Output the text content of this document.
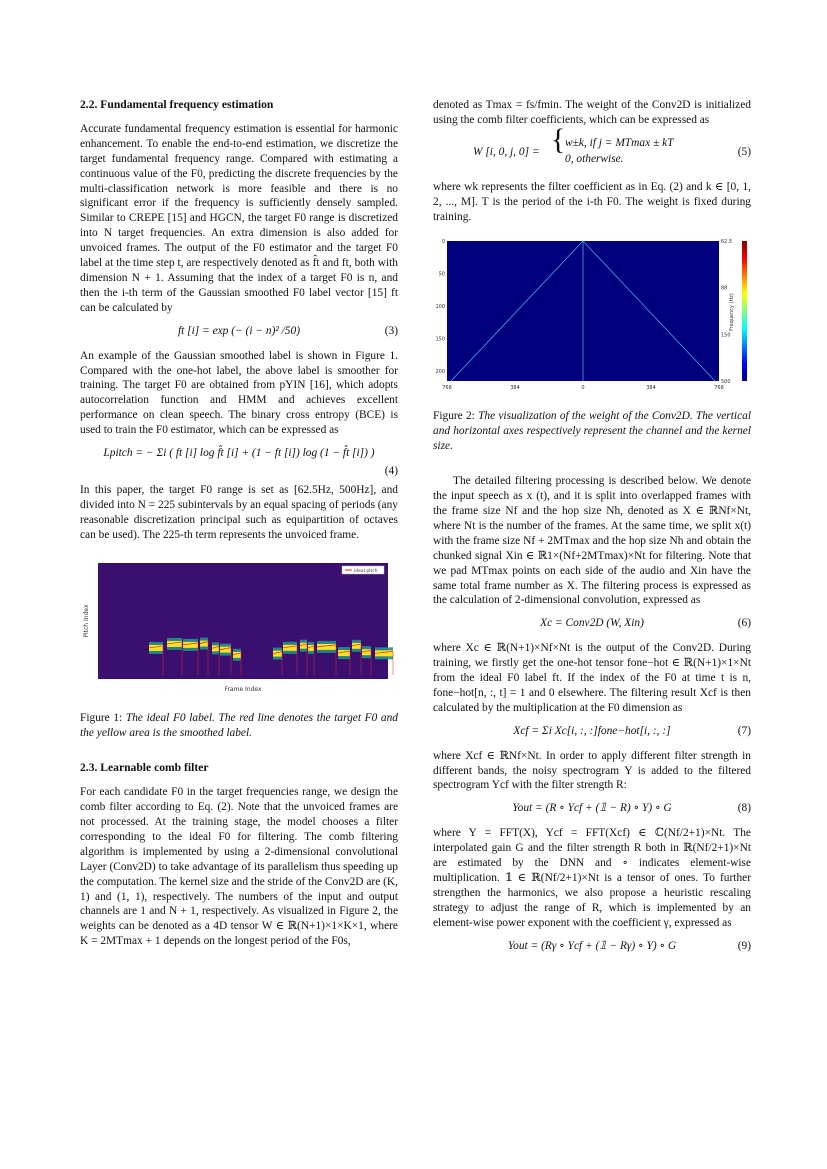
2.2. Fundamental frequency estimation

Accurate fundamental frequency estimation is essential for harmonic enhancement. To enable the end-to-end estimation, we discretize the target fundamental frequency range. Compared with estimating a continuous value of the F0, predicting the discrete frequencies by the multi-classification network is more feasible and there is no significant error if the frequency is sufficiently densely sampled. Similar to CREPE [15] and HGCN, the target F0 range is discretized into N target frequencies. An extra dimension is also added for unvoiced frames. The output of the F0 estimator and the target F0 label at the time step t, are respectively denoted as f̂t and ft, both with dimension N + 1. Assuming that the index of a target F0 is n, and then the i-th term of the Gaussian smoothed F0 label vector [15] ft can be calculated by

ft [i] = exp (− (i − n)² /50)	(3)

An example of the Gaussian smoothed label is shown in Figure 1. Compared with the one-hot label, the above label is smoother for training. The target F0 are obtained from pYIN [16], which adopts autocorrelation function and HMM and achieves excellent performance on clean speech. The binary cross entropy (BCE) is used to train the F0 estimator, which can be expressed as

Lpitch = − Σi ( ft [i] log f̂t [i] + (1 − ft [i]) log (1 − f̂t [i]) )
(4)

In this paper, the target F0 range is set as [62.5Hz, 500Hz], and divided into N = 225 subintervals by an equal spacing of periods (any reasonable discretization principal such as equipartition of octaves can be used). The 225-th term represents the unvoiced frame.

ideal pitch
Frame Index
Pitch Index
Figure 1: The ideal F0 label. The red line denotes the target F0 and the yellow area is the smoothed label.
2.3. Learnable comb filter

For each candidate F0 in the target frequencies range, we design the comb filter according to Eq. (2). Note that the unvoiced frames are not processed. At the training stage, the model chooses a filter corresponding to the ideal F0 for filtering. The comb filtering algorithm is implemented by using a 2-dimensional convolutional Layer (Conv2D) to take advantage of its parallelism thus speeding up the computation. The kernel size and the stride of the Conv2D are (K, 1) and (1, 1), respectively. The numbers of the input and output channels are 1 and N + 1, respectively. As visualized in Figure 2, the weights can be denoted as a 4D tensor W ∈ ℝ(N+1)×1×K×1, where K = 2MTmax + 1 depends on the longest period of the F0s,

denoted as Tmax = fs/fmin. The weight of the Conv2D is initialized using the comb filter coefficients, which can be expressed as

W [i, 0, j, 0] = { w±k, if j = MTmax ± kT
0, otherwise.
(5)

where wk represents the filter coefficient as in Eq. (2) and k ∈ [0, 1, 2, ..., M]. T is the period of the i-th F0. The weight is fixed during training.

768	384	0	384	768
0
50
100
150
200
62.5
88
150
500
Frequency (Hz)
Figure 2: The visualization of the weight of the Conv2D. The vertical and horizontal axes respectively represent the channel and the kernel size.

The detailed filtering processing is described below. We denote the input speech as x (t), and it is split into overlapped frames with the frame size Nf and the hop size Nh, denoted as X ∈ ℝNf×Nt, where Nt is the number of the frames. At the same time, we split x(t) with the frame size Nf + 2MTmax and the hop size Nh and obtain the chunked signal Xin ∈ ℝ1×(Nf+2MTmax)×Nt for filtering. Note that we pad MTmax points on each side of the audio and Xin have the same total frame number as X. The filtering process is expressed as the calculation of 2-dimensional convolution, expressed as

Xc = Conv2D (W, Xin)	(6)

where Xc ∈ ℝ(N+1)×Nf×Nt is the output of the Conv2D. During training, we firstly get the one-hot tensor fone−hot ∈ ℝ(N+1)×1×Nt from the ideal F0 label ft. If the index of the F0 at time t is n, fone−hot[n, :, t] = 1 and 0 elsewhere. The filtering result Xcf is then calculated by the multiplication at the F0 dimension as

Xcf = Σi Xc[i, :, :]fone−hot[i, :, :]	(7)

where Xcf ∈ ℝNf×Nt. In order to apply different filter strength in different bands, the noisy spectrogram Y is added to the filtered spectrogram Ycf with the filter strength R:

Yout = (R ∘ Ycf + (𝟙 − R) ∘ Y) ∘ G	(8)

where Y = FFT(X), Ycf = FFT(Xcf) ∈ ℂ(Nf/2+1)×Nt. The interpolated gain G and the filter strength R both in ℝ(Nf/2+1)×Nt are estimated by the DNN and ∘ indicates element-wise multiplication. 𝟙 ∈ ℝ(Nf/2+1)×Nt is a tensor of ones. To further strengthen the harmonics, we also propose a heuristic rescaling strategy to adjust the range of R, which is implemented by an element-wise power exponent with the coefficient γ, expressed as

Yout = (Rγ ∘ Ycf + (𝟙 − Rγ) ∘ Y) ∘ G	(9)
